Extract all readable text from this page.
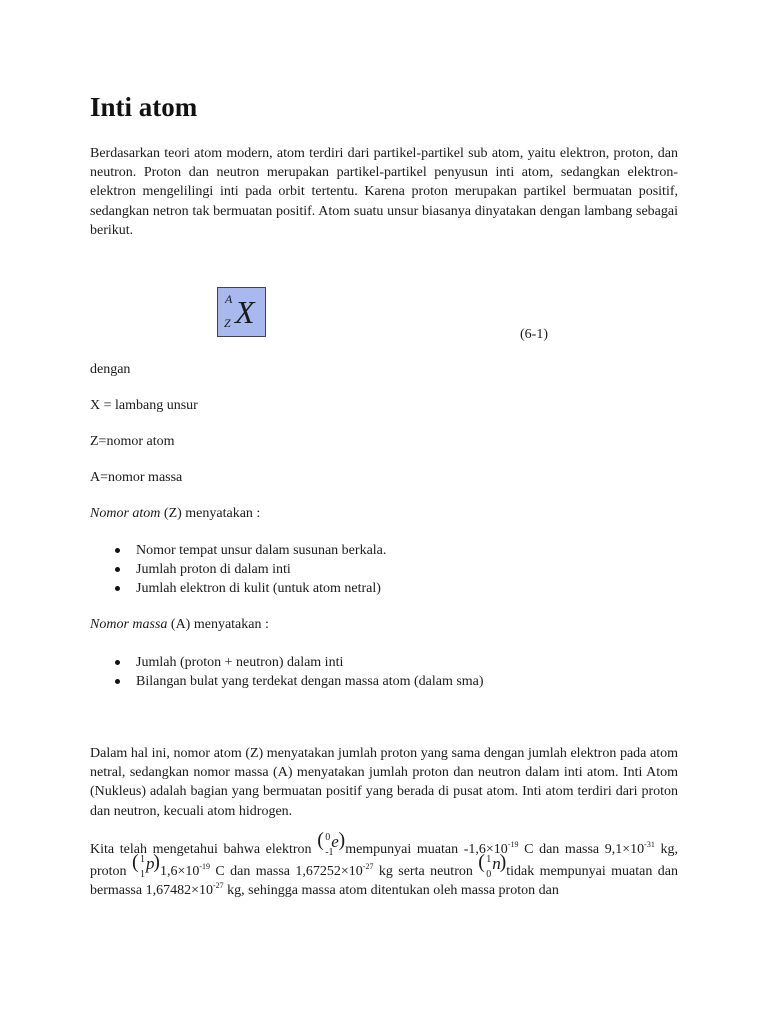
Inti atom

Berdasarkan teori atom modern, atom terdiri dari partikel-partikel sub atom, yaitu elektron, proton, dan neutron. Proton dan neutron merupakan partikel-partikel penyusun inti atom, sedangkan elektron-elektron mengelilingi inti pada orbit tertentu. Karena proton merupakan partikel bermuatan positif, sedangkan netron tak bermuatan positif. Atom suatu unsur biasanya dinyatakan dengan lambang sebagai berikut.

A
Z X
(6-1)

dengan

X = lambang unsur

Z=nomor atom

A=nomor massa

Nomor atom (Z) menyatakan :

Nomor tempat unsur dalam susunan berkala.
Jumlah proton di dalam inti
Jumlah elektron di kulit (untuk atom netral)

Nomor massa (A) menyatakan :

Jumlah (proton + neutron) dalam inti
Bilangan bulat yang terdekat dengan massa atom (dalam sma)

Dalam hal ini, nomor atom (Z) menyatakan jumlah proton yang sama dengan jumlah elektron pada atom netral, sedangkan nomor massa (A) menyatakan jumlah proton dan neutron dalam inti atom. Inti Atom (Nukleus) adalah bagian yang bermuatan positif yang berada di pusat atom. Inti atom terdiri dari proton dan neutron, kecuali atom hidrogen.

Kita telah mengetahui bahwa elektron ( 0
-1
e ) mempunyai muatan $-1,6\times 10^{-19}$ C dan massa $9,1\times 10^{-31}$ kg, proton ( 1
1
p
) $1,6\times 10^{-19}$ C dan massa $1,67252\times 10^{-27}$ kg serta neutron ( 1
0
n
) tidak mempunyai muatan dan bermassa $1,67482\times 10^{-27}$ kg, sehingga massa atom ditentukan oleh massa proton dan
